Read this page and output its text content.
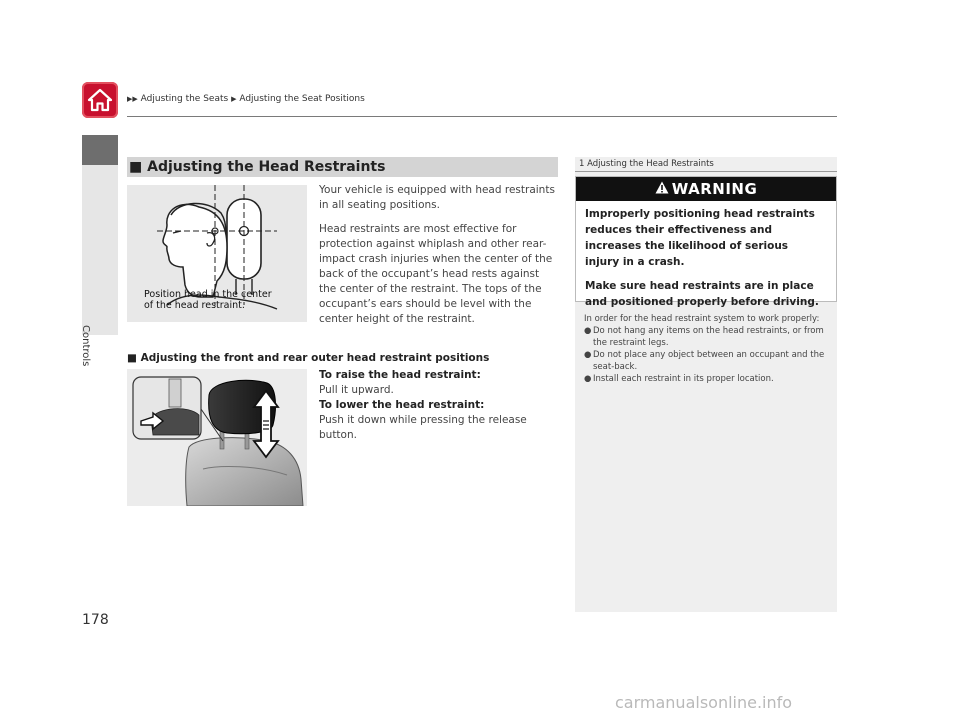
▶▶ Adjusting the Seats ▶ Adjusting the Seat Positions
Controls
178
■ Adjusting the Head Restraints
Position head in the center
of the head restraint.

Your vehicle is equipped with head restraints in all seating positions.

Head restraints are most effective for protection against whiplash and other rear-impact crash injuries when the center of the back of the occupant’s head rests against the center of the restraint. The tops of the occupant’s ears should be level with the center height of the restraint.

■ Adjusting the front and rear outer head restraint positions
To raise the head restraint:
Pull it upward.
To lower the head restraint:
Push it down while pressing the release button.
1 Adjusting the Head Restraints
WARNING

Improperly positioning head restraints reduces their effectiveness and increases the likelihood of serious injury in a crash.

Make sure head restraints are in place and positioned properly before driving.

In order for the head restraint system to work properly:

● Do not hang any items on the head restraints, or from the restraint legs.
● Do not place any object between an occupant and the seat-back.
● Install each restraint in its proper location.
carmanualsonline.info
